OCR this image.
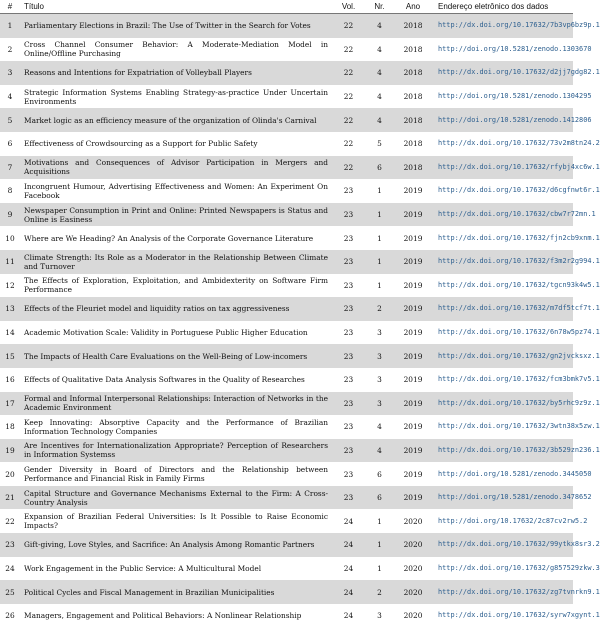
#	Título	Vol.	Nr.	Ano	Endereço eletrônico dos dados
1	Parliamentary Elections in Brazil: The Use of Twitter in the Search for Votes	22	4	2018	http://dx.doi.org/10.17632/7b3vp6bz9p.1
2	Cross Channel Consumer Behavior: A Moderate-Mediation Model in Online/Offline Purchasing	22	4	2018	http://doi.org/10.5281/zenodo.1303670
3	Reasons and Intentions for Expatriation of Volleyball Players	22	4	2018	http://dx.doi.org/10.17632/d2jj7gdg82.1
4	Strategic Information Systems Enabling Strategy-as-practice Under Uncertain Environments	22	4	2018	http://doi.org/10.5281/zenodo.1304295
5	Market logic as an efficiency measure of the organization of Olinda's Carnival	22	4	2018	http://doi.org/10.5281/zenodo.1412806
6	Effectiveness of Crowdsourcing as a Support for Public Safety	22	5	2018	http://dx.doi.org/10.17632/73v2m8tn24.2
7	Motivations and Consequences of Advisor Participation in Mergers and Acquisitions	22	6	2018	http://dx.doi.org/10.17632/rfybj4xc6w.1
8	Incongruent Humour, Advertising Effectiveness and Women: An Experiment On Facebook	23	1	2019	http://dx.doi.org/10.17632/d6cgfnwt6r.1
9	Newspaper Consumption in Print and Online: Printed Newspapers is Status and Online is Easiness	23	1	2019	http://dx.doi.org/10.17632/cbw7r72mn.1
10	Where are We Heading? An Analysis of the Corporate Governance Literature	23	1	2019	http://dx.doi.org/10.17632/fjn2cb9xnm.1
11	Climate Strength: Its Role as a Moderator in the Relationship Between Climate and Turnover	23	1	2019	http://dx.doi.org/10.17632/f3m2r2g994.1
12	The Effects of Exploration, Exploitation, and Ambidexterity on Software Firm Performance	23	1	2019	http://dx.doi.org/10.17632/tgcn93k4w5.1
13	Effects of the Fleuriet model and liquidity ratios on tax aggressiveness	23	2	2019	http://dx.doi.org/10.17632/m7df5tcf7t.1
14	Academic Motivation Scale: Validity in Portuguese Public Higher Education	23	3	2019	http://dx.doi.org/10.17632/6n78w5pz74.1
15	The Impacts of Health Care Evaluations on the Well-Being of Low-incomers	23	3	2019	http://dx.doi.org/10.17632/gn2jvcksxz.1
16	Effects of Qualitative Data Analysis Softwares in the Quality of Researches	23	3	2019	http://dx.doi.org/10.17632/fcm3bmk7v5.1
17	Formal and Informal Interpersonal Relationships: Interaction of Networks in the Academic Environment	23	3	2019	http://dx.doi.org/10.17632/by5rhc9z9z.1
18	Keep Innovating: Absorptive Capacity and the Performance of Brazilian Information Technology Companies	23	4	2019	http://dx.doi.org/10.17632/3wtn38x5zw.1
19	Are Incentives for Internationalization Appropriate? Perception of Researchers in Information Systemss	23	4	2019	http://dx.doi.org/10.17632/3b529zn236.1
20	Gender Diversity in Board of Directors and the Relationship between Performance and Financial Risk in Family Firms	23	6	2019	http://doi.org/10.5281/zenodo.3445050
21	Capital Structure and Governance Mechanisms External to the Firm: A Cross-Country Analysis	23	6	2019	http://doi.org/10.5281/zenodo.3478652
22	Expansion of Brazilian Federal Universities: Is It Possible to Raise Economic Impacts?	24	1	2020	http://doi.org/10.17632/2c87cv2rw5.2
23	Gift-giving, Love Styles, and Sacrifice: An Analysis Among Romantic Partners	24	1	2020	http://dx.doi.org/10.17632/99ytkx8sr3.2
24	Work Engagement in the Public Service: A Multicultural Model	24	1	2020	http://dx.doi.org/10.17632/g857529zkw.3
25	Political Cycles and Fiscal Management in Brazilian Municipalities	24	2	2020	http://dx.doi.org/10.17632/zg7tvnrkn9.1
26	Managers, Engagement and Political Behaviors: A Nonlinear Relationship	24	3	2020	http://dx.doi.org/10.17632/syrw7xgynt.1
